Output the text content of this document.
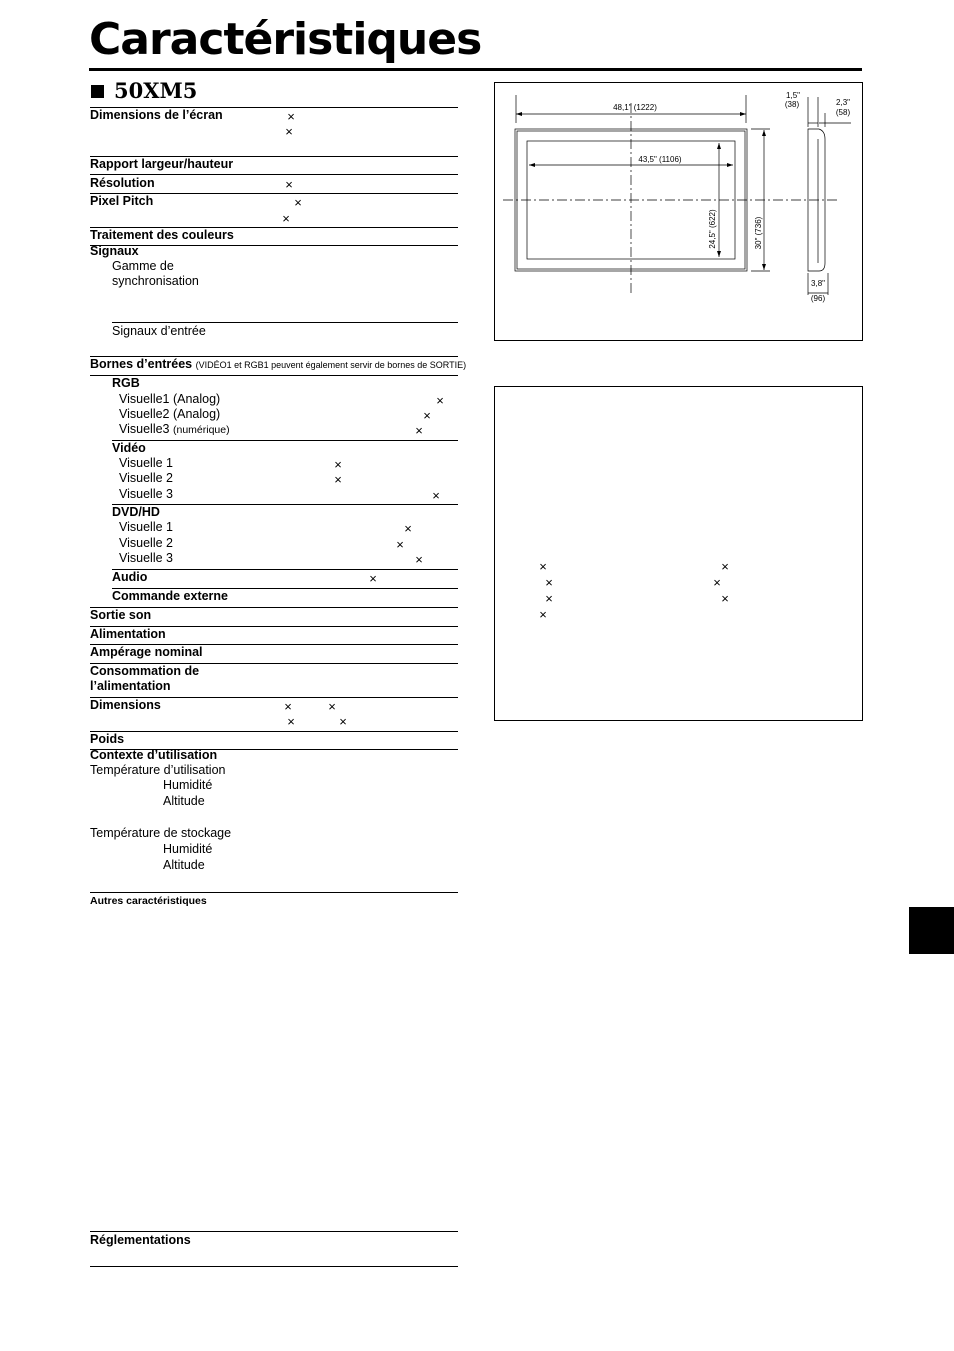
Caractéristiques
50XM5
Dimensions de l’écran	×
×
Rapport largeur/hauteur
Résolution	×
Pixel Pitch	×
×
Traitement des couleurs
Signaux
Gamme de
synchronisation
Signaux d’entrée
Bornes d’entrées (VIDÉO1 et RGB1 peuvent également servir de bornes de SORTIE)
RGB
Visuelle1 (Analog)	×
Visuelle2 (Analog)	×
Visuelle3 (numérique)	×
Vidéo
Visuelle 1	×
Visuelle 2	×
Visuelle 3	×
DVD/HD
Visuelle 1	×
Visuelle 2	×
Visuelle 3	×
Audio	×
Commande externe
Sortie son
Alimentation
Ampérage nominal
Consommation de
l’alimentation
Dimensions	×	×
×	×
Poids
Contexte d’utilisation
Température d’utilisation
Humidité
Altitude
Température de stockage
Humidité
Altitude
Autres caractéristiques
Réglementations
48,1" (1222)
43,5" (1106)
24,5" (622)	30" (736)
1,5"
(38)	2,3"
(58)
3,8"
(96)
×	×
×	×
×	×
×
